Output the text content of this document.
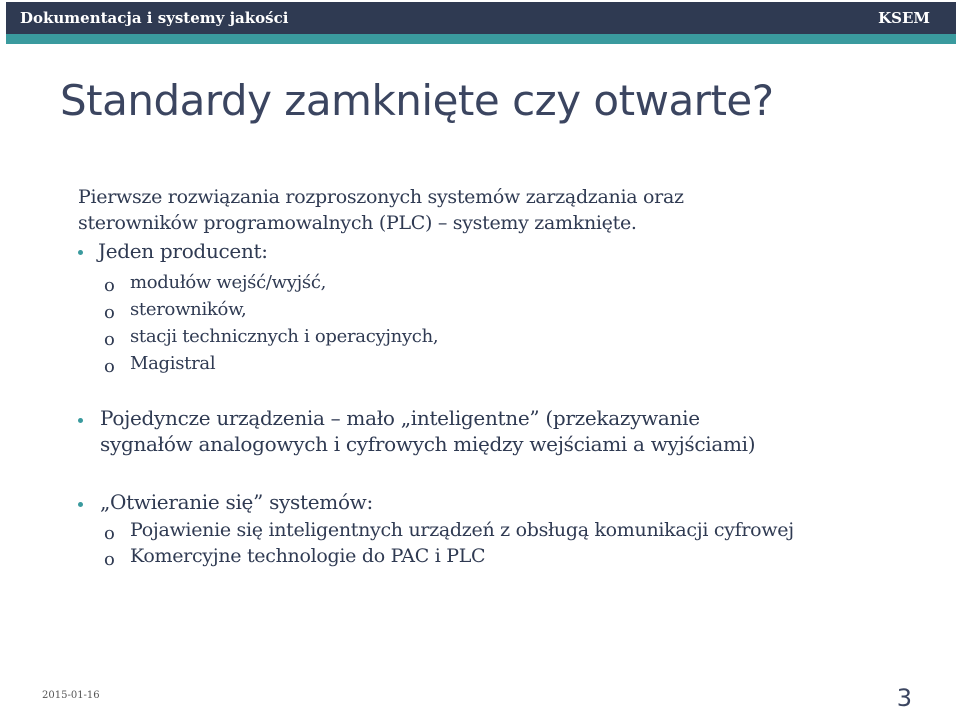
Dokumentacja i systemy jakości	KSEM
Standardy zamknięte czy otwarte?
Pierwsze rozwiązania rozproszonych systemów zarządzania oraz
sterowników programowalnych (PLC) – systemy zamknięte.
Jeden producent:
o modułów wejść/wyjść,
o sterowników,
o stacji technicznych i operacyjnych,
o Magistral
Pojedyncze urządzenia – mało „inteligentne” (przekazywanie
sygnałów analogowych i cyfrowych między wejściami a wyjściami)
„Otwieranie się” systemów:
o Pojawienie się inteligentnych urządzeń z obsługą komunikacji cyfrowej
o Komercyjne technologie do PAC i PLC
2015-01-16	3
